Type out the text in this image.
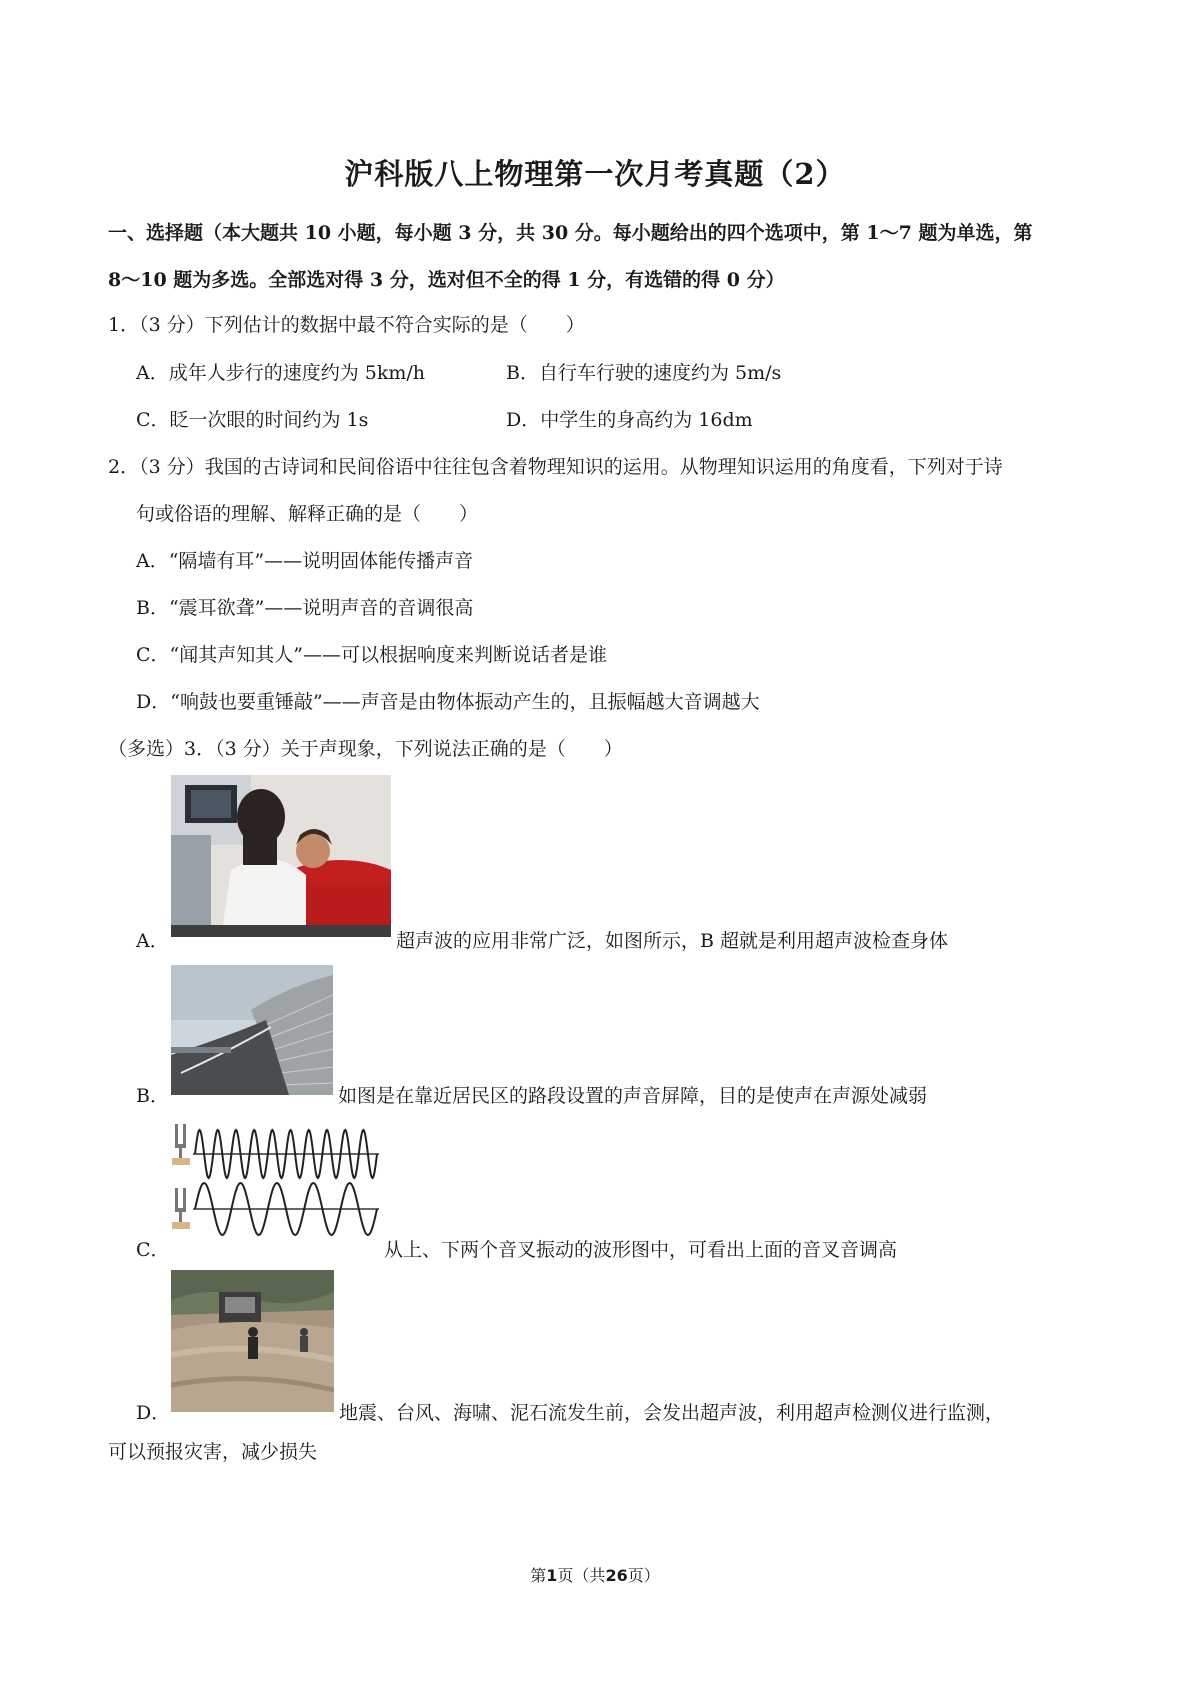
沪科版八上物理第一次月考真题（2）
一、选择题（本大题共 10 小题，每小题 3 分，共 30 分。每小题给出的四个选项中，第 1～7 题为单选，第
8～10 题为多选。全部选对得 3 分，选对但不全的得 1 分，有选错的得 0 分）
1．（3 分）下列估计的数据中最不符合实际的是（　　）
A．成年人步行的速度约为 5km/h	B．自行车行驶的速度约为 5m/s
C．眨一次眼的时间约为 1s	D．中学生的身高约为 16dm
2．（3 分）我国的古诗词和民间俗语中往往包含着物理知识的运用。从物理知识运用的角度看，下列对于诗
句或俗语的理解、解释正确的是（　　）
A．“隔墙有耳”——说明固体能传播声音
B．“震耳欲聋”——说明声音的音调很高
C．“闻其声知其人”——可以根据响度来判断说话者是谁
D．“响鼓也要重锤敲”——声音是由物体振动产生的，且振幅越大音调越大
（多选）3．（3 分）关于声现象，下列说法正确的是（　　）
A．	超声波的应用非常广泛，如图所示，B 超就是利用超声波检查身体
B．	如图是在靠近居民区的路段设置的声音屏障，目的是使声在声源处减弱
C．	从上、下两个音叉振动的波形图中，可看出上面的音叉音调高
D．	地震、台风、海啸、泥石流发生前，会发出超声波，利用超声检测仪进行监测，
可以预报灾害，减少损失
第1页（共26页）
